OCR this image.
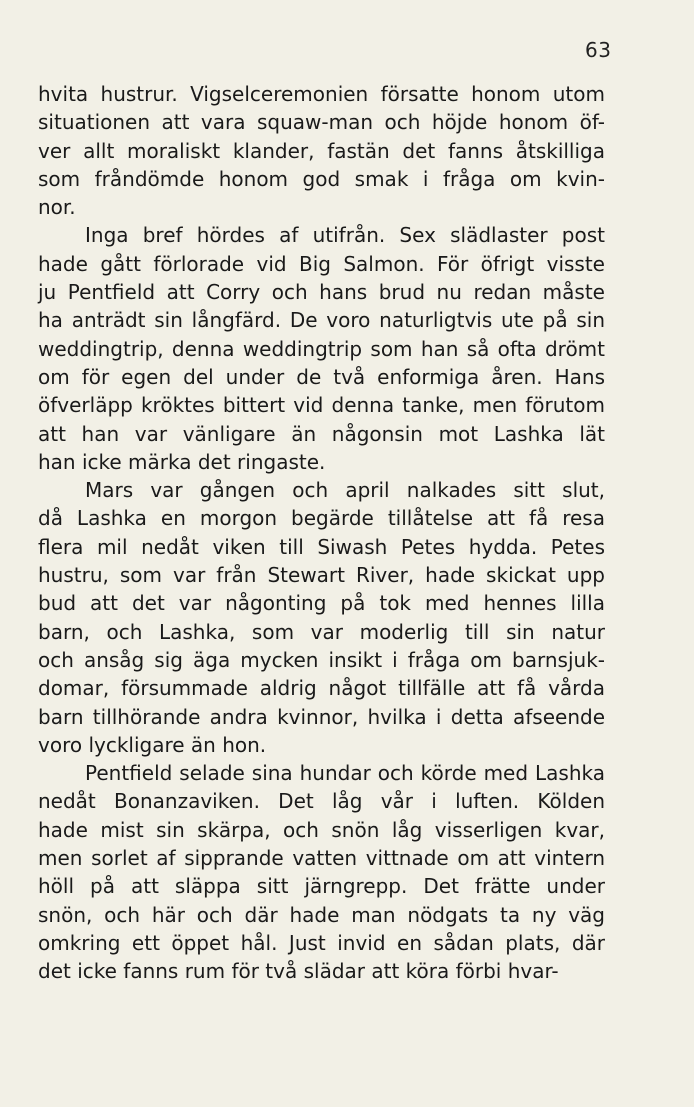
63
hvita hustrur. Vigselceremonien försatte honom utom
situationen att vara squaw-man och höjde honom öf-
ver allt moraliskt klander, fastän det fanns åtskilliga
som fråndömde honom god smak i fråga om kvin-
nor.
Inga bref hördes af utifrån. Sex slädlaster post
hade gått förlorade vid Big Salmon. För öfrigt visste
ju Pentfield att Corry och hans brud nu redan måste
ha anträdt sin långfärd. De voro naturligtvis ute på sin
weddingtrip, denna weddingtrip som han så ofta drömt
om för egen del under de två enformiga åren. Hans
öfverläpp kröktes bittert vid denna tanke, men förutom
att han var vänligare än någonsin mot Lashka lät
han icke märka det ringaste.
Mars var gången och april nalkades sitt slut,
då Lashka en morgon begärde tillåtelse att få resa
flera mil nedåt viken till Siwash Petes hydda. Petes
hustru, som var från Stewart River, hade skickat upp
bud att det var någonting på tok med hennes lilla
barn, och Lashka, som var moderlig till sin natur
och ansåg sig äga mycken insikt i fråga om barnsjuk-
domar, försummade aldrig något tillfälle att få vårda
barn tillhörande andra kvinnor, hvilka i detta afseende
voro lyckligare än hon.
Pentfield selade sina hundar och körde med Lashka
nedåt Bonanzaviken. Det låg vår i luften. Kölden
hade mist sin skärpa, och snön låg visserligen kvar,
men sorlet af sipprande vatten vittnade om att vintern
höll på att släppa sitt järngrepp. Det frätte under
snön, och här och där hade man nödgats ta ny väg
omkring ett öppet hål. Just invid en sådan plats, där
det icke fanns rum för två slädar att köra förbi hvar-
